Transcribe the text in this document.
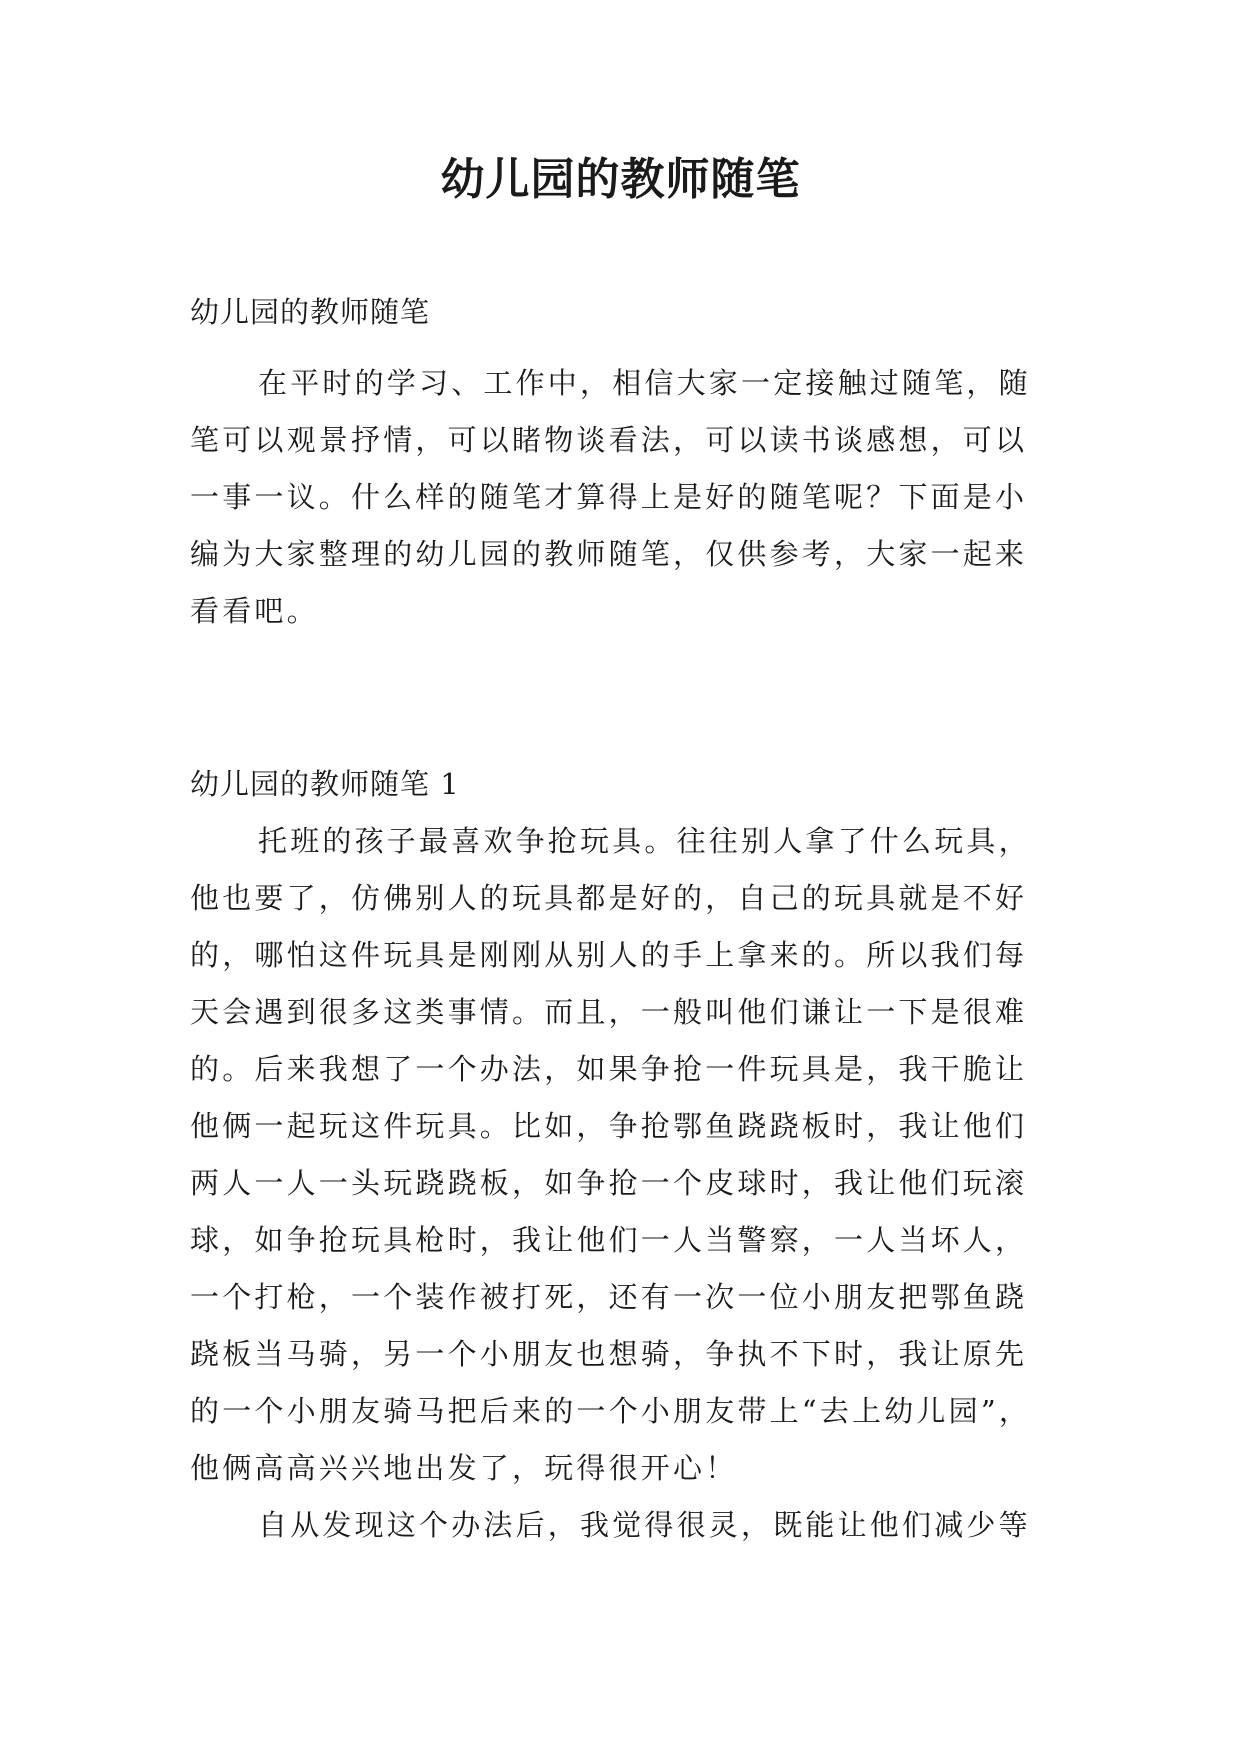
幼儿园的教师随笔
幼儿园的教师随笔
在平时的学习、工作中，相信大家一定接触过随笔，随
笔可以观景抒情，可以睹物谈看法，可以读书谈感想，可以
一事一议。什么样的随笔才算得上是好的随笔呢？下面是小
编为大家整理的幼儿园的教师随笔，仅供参考，大家一起来
看看吧。
幼儿园的教师随笔 1
托班的孩子最喜欢争抢玩具。往往别人拿了什么玩具，
他也要了，仿佛别人的玩具都是好的，自己的玩具就是不好
的，哪怕这件玩具是刚刚从别人的手上拿来的。所以我们每
天会遇到很多这类事情。而且，一般叫他们谦让一下是很难
的。后来我想了一个办法，如果争抢一件玩具是，我干脆让
他俩一起玩这件玩具。比如，争抢鄂鱼跷跷板时，我让他们
两人一人一头玩跷跷板，如争抢一个皮球时，我让他们玩滚
球，如争抢玩具枪时，我让他们一人当警察，一人当坏人，
一个打枪，一个装作被打死，还有一次一位小朋友把鄂鱼跷
跷板当马骑，另一个小朋友也想骑，争执不下时，我让原先
的一个小朋友骑马把后来的一个小朋友带上“去上幼儿园”，
他俩高高兴兴地出发了，玩得很开心！
自从发现这个办法后，我觉得很灵，既能让他们减少等
